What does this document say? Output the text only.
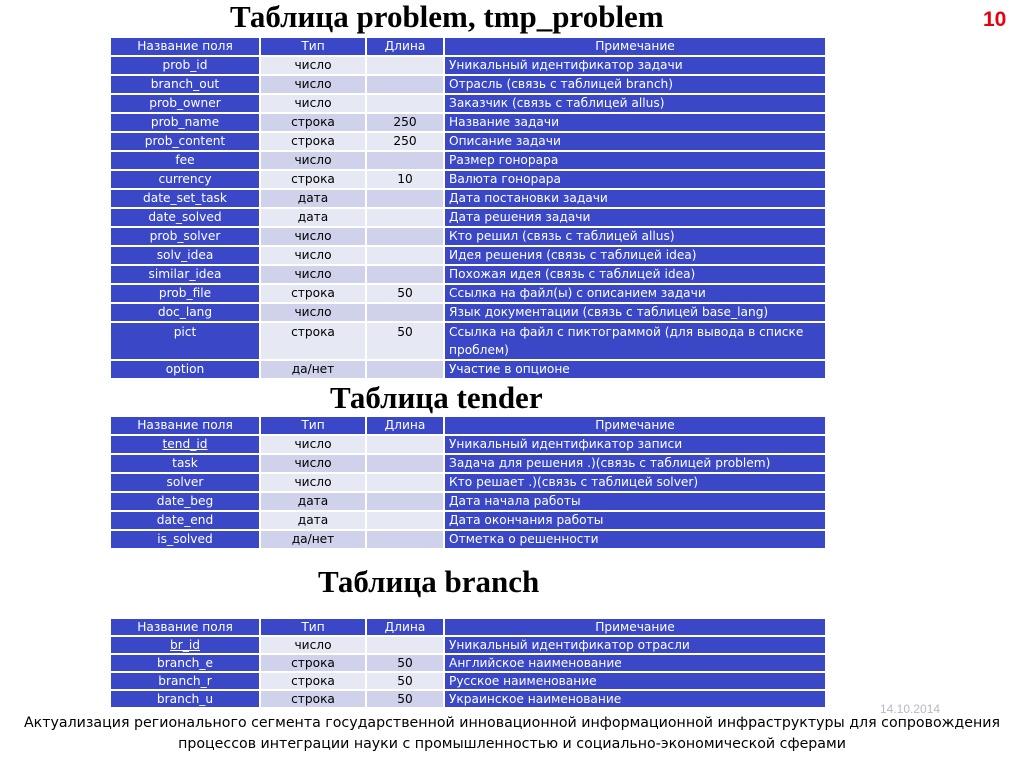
Таблица problem, tmp_problem	10
Название поля	Тип	Длина	Примечание
prob_id	число		Уникальный идентификатор задачи
branch_out	число		Отрасль (связь с таблицей branch)
prob_owner	число		Заказчик (связь с таблицей allus)
prob_name	строка	250	Название задачи
prob_content	строка	250	Описание задачи
fee	число		Размер гонорара
currency	строка	10	Валюта гонорара
date_set_task	дата		Дата постановки задачи
date_solved	дата		Дата решения задачи
prob_solver	число		Кто решил (связь с таблицей allus)
solv_idea	число		Идея решения (связь с таблицей idea)
similar_idea	число		Похожая идея (связь с таблицей idea)
prob_file	строка	50	Ссылка на файл(ы) с описанием задачи
doc_lang	число		Язык документации (связь с таблицей base_lang)
pict	строка	50	Ссылка на файл с пиктограммой (для вывода в списке проблем)
option	да/нет		Участие в опционе
Таблица tender
Название поля	Тип	Длина	Примечание
tend_id	число		Уникальный идентификатор записи
task	число		Задача для решения .)(связь с таблицей problem)
solver	число		Кто решает .)(связь с таблицей solver)
date_beg	дата		Дата начала работы
date_end	дата		Дата окончания работы
is_solved	да/нет		Отметка о решенности
Таблица branch
Название поля	Тип	Длина	Примечание
br_id	число		Уникальный идентификатор отрасли
branch_e	строка	50	Английское наименование
branch_r	строка	50	Русское наименование
branch_u	строка	50	Украинское наименование
14.10.2014
Актуализация регионального сегмента государственной инновационной информационной инфраструктуры для сопровождения процессов интеграции науки с промышленностью и социально-экономической сферами
